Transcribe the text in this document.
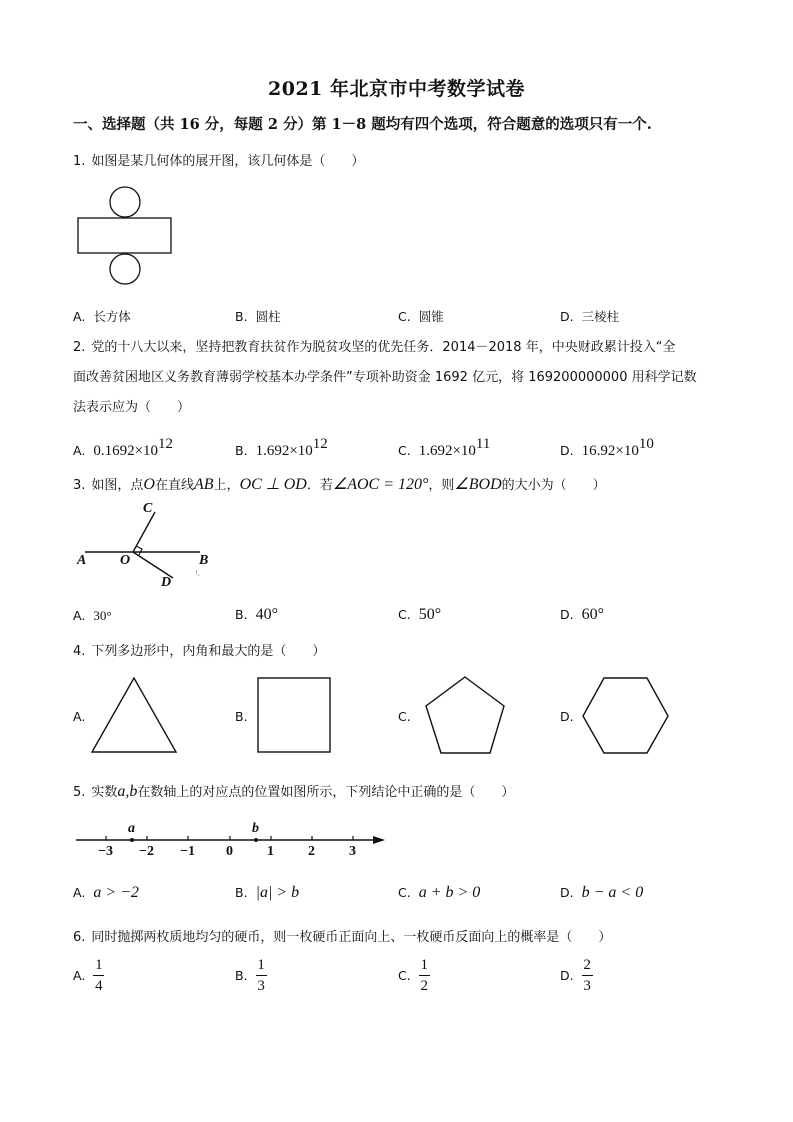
2021 年北京市中考数学试卷
一、选择题（共 16 分，每题 2 分）第 1－8 题均有四个选项，符合题意的选项只有一个.
1. 如图是某几何体的展开图，该几何体是（　　）
A. 长方体	B. 圆柱	C. 圆锥	D. 三棱柱
2. 党的十八大以来，坚持把教育扶贫作为脱贫攻坚的优先任务．2014－2018 年，中央财政累计投入“全
面改善贫困地区义务教育薄弱学校基本办学条件”专项补助资金 1692 亿元，将 169200000000 用科学记数
法表示应为（　　）
A. $0.1692\times 10^{12}$	B. $1.692\times 10^{12}$	C. $1.692\times 10^{11}$	D. $16.92\times 10^{10}$
3. 如图，点O在直线AB上，OC ⊥ OD．若∠AOC = 120°，则∠BOD的大小为（　　）
A O	B
C
D
!,
A. 30°	B. 40°	C. 50°	D. 60°
4. 下列多边形中，内角和最大的是（　　）
A.	B.	C.	D.
5. 实数a,b在数轴上的对应点的位置如图所示，下列结论中正确的是（　　）
a	b
−3 −2 −1 0 1 2 3
A. a > −2	B. |a| > b	C. a + b > 0	D. b − a < 0
6. 同时抛掷两枚质地均匀的硬币，则一枚硬币正面向上、一枚硬币反面向上的概率是（　　）
A. $\frac{1}{4}$	B. $\frac{1}{3}$	C. $\frac{1}{2}$	D. $\frac{2}{3}$
